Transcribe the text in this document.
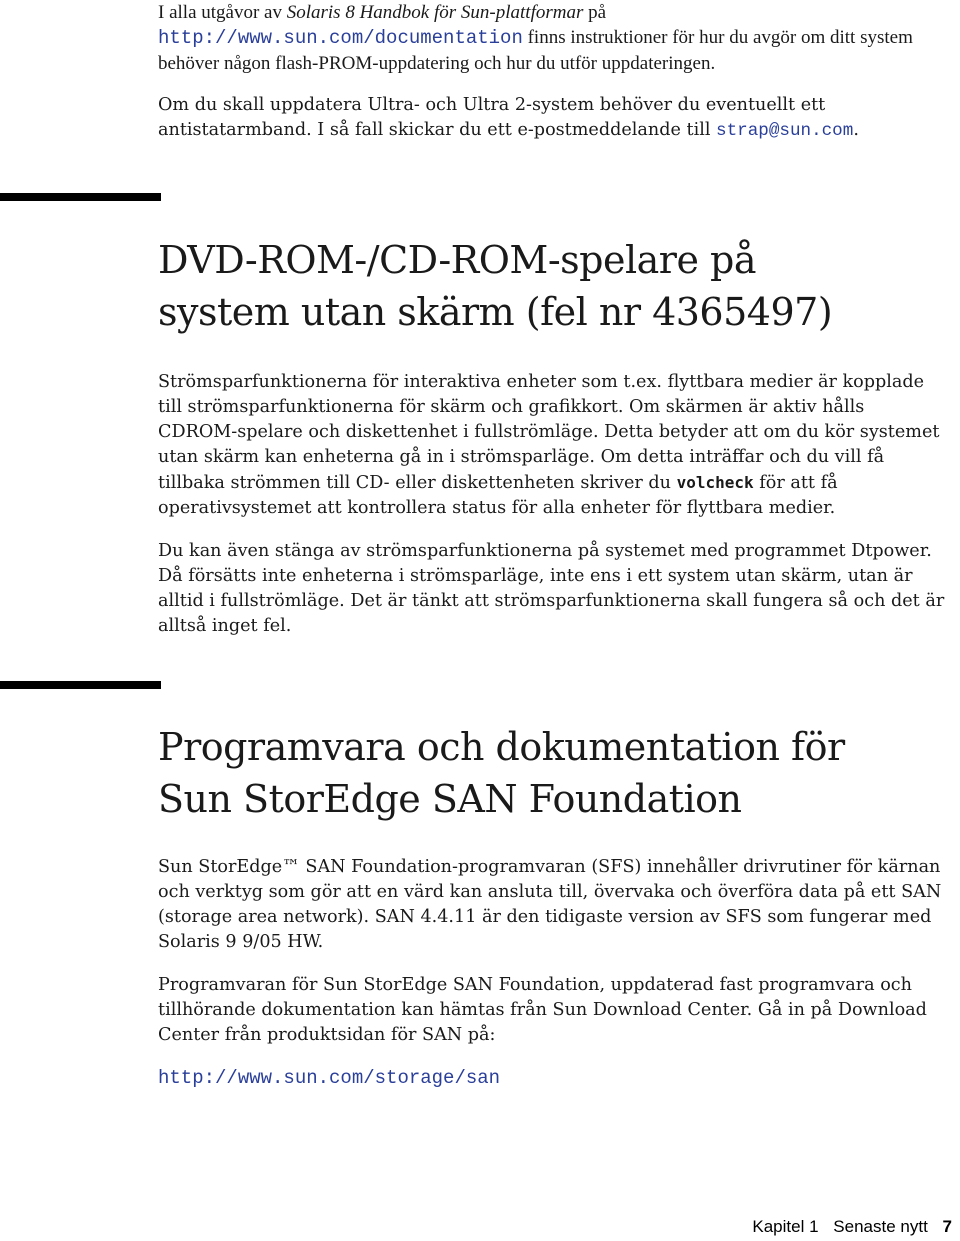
I alla utgåvor av Solaris 8 Handbok för Sun-plattformar på http://www.sun.com/documentation finns instruktioner för hur du avgör om ditt system behöver någon flash-PROM-uppdatering och hur du utför uppdateringen.

Om du skall uppdatera Ultra- och Ultra 2-system behöver du eventuellt ett antistatarmband. I så fall skickar du ett e-postmeddelande till strap@sun.com.

DVD-ROM-/CD-ROM-spelare på
system utan skärm (fel nr 4365497)

Strömsparfunktionerna för interaktiva enheter som t.ex. flyttbara medier är kopplade till strömsparfunktionerna för skärm och grafikkort. Om skärmen är aktiv hålls CDROM-spelare och diskettenhet i fullströmläge. Detta betyder att om du kör systemet utan skärm kan enheterna gå in i strömsparläge. Om detta inträffar och du vill få tillbaka strömmen till CD- eller diskettenheten skriver du volcheck för att få operativsystemet att kontrollera status för alla enheter för flyttbara medier.

Du kan även stänga av strömsparfunktionerna på systemet med programmet Dtpower. Då försätts inte enheterna i strömsparläge, inte ens i ett system utan skärm, utan är alltid i fullströmläge. Det är tänkt att strömsparfunktionerna skall fungera så och det är alltså inget fel.

Programvara och dokumentation för
Sun StorEdge SAN Foundation

Sun StorEdge™ SAN Foundation-programvaran (SFS) innehåller drivrutiner för kärnan och verktyg som gör att en värd kan ansluta till, övervaka och överföra data på ett SAN (storage area network). SAN 4.4.11 är den tidigaste version av SFS som fungerar med Solaris 9 9/05 HW.

Programvaran för Sun StorEdge SAN Foundation, uppdaterad fast programvara och tillhörande dokumentation kan hämtas från Sun Download Center. Gå in på Download Center från produktsidan för SAN på:

http://www.sun.com/storage/san

Kapitel 1 Senaste nytt 7
